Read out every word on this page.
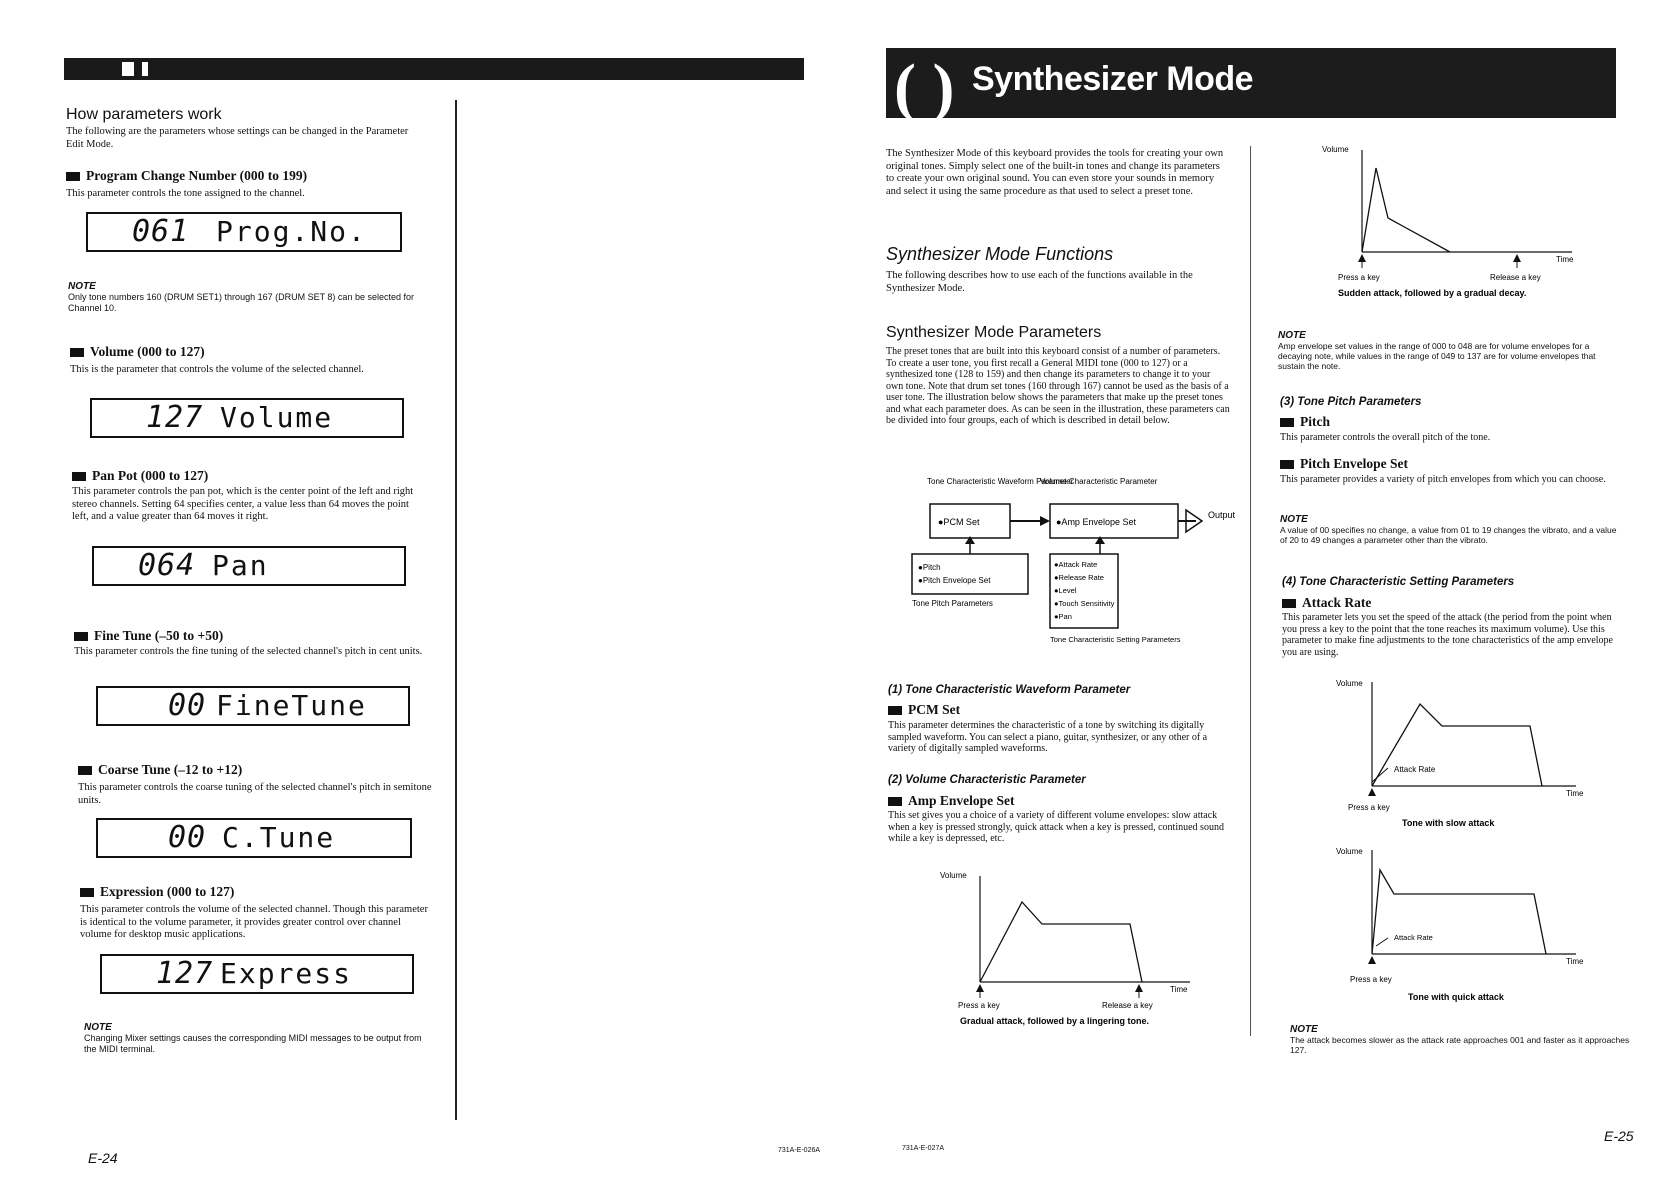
How parameters work
The following are the parameters whose settings can be changed in the Parameter Edit Mode.
Program Change Number (000 to 199)
This parameter controls the tone assigned to the channel.
061 Prog.No.
NOTE
Only tone numbers 160 (DRUM SET1) through 167 (DRUM SET 8) can be selected for Channel 10.
Volume (000 to 127)
This is the parameter that controls the volume of the selected channel.
127 Volume
Pan Pot (000 to 127)
This parameter controls the pan pot, which is the center point of the left and right stereo channels. Setting 64 specifies center, a value less than 64 moves the point left, and a value greater than 64 moves it right.
064 Pan
Fine Tune (–50 to +50)
This parameter controls the fine tuning of the selected channel's pitch in cent units.
00 FineTune
Coarse Tune (–12 to +12)
This parameter controls the coarse tuning of the selected channel's pitch in semitone units.
00 C.Tune
Expression (000 to 127)
This parameter controls the volume of the selected channel. Though this parameter is identical to the volume parameter, it provides greater control over channel volume for desktop music applications.
127 Express
NOTE
Changing Mixer settings causes the corresponding MIDI messages to be output from the MIDI terminal.
E-24	731A-E-026A
( ) Synthesizer Mode
The Synthesizer Mode of this keyboard provides the tools for creating your own original tones. Simply select one of the built-in tones and change its parameters to create your own original sound. You can even store your sounds in memory and select it using the same procedure as that used to select a preset tone.
Synthesizer Mode Functions
The following describes how to use each of the functions available in the Synthesizer Mode.
Synthesizer Mode Parameters
The preset tones that are built into this keyboard consist of a number of parameters. To create a user tone, you first recall a General MIDI tone (000 to 127) or a synthesized tone (128 to 159) and then change its parameters to change it to your own tone. Note that drum set tones (160 through 167) cannot be used as the basis of a user tone. The illustration below shows the parameters that make up the preset tones and what each parameter does. As can be seen in the illustration, these parameters can be divided into four groups, each of which is described in detail below.
Tone Characteristic Waveform Parameter
Volume Characteristic Parameter
●PCM Set	●Amp Envelope Set
Output
●Pitch
●Pitch Envelope Set
Tone Pitch Parameters
●Attack Rate
●Release Rate
●Level
●Touch Sensitivity
●Pan
Tone Characteristic Setting Parameters
(1) Tone Characteristic Waveform Parameter
PCM Set
This parameter determines the characteristic of a tone by switching its digitally sampled waveform. You can select a piano, guitar, synthesizer, or any other of a variety of digitally sampled waveforms.
(2) Volume Characteristic Parameter
Amp Envelope Set
This set gives you a choice of a variety of different volume envelopes: slow attack when a key is pressed strongly, quick attack when a key is pressed, continued sound while a key is depressed, etc.
Volume
Time
Press a key	Release a key
Gradual attack, followed by a lingering tone.
Volume
Time
Press a key	Release a key
Sudden attack, followed by a gradual decay.
NOTE
Amp envelope set values in the range of 000 to 048 are for volume envelopes for a decaying note, while values in the range of 049 to 137 are for volume envelopes that sustain the note.
(3) Tone Pitch Parameters
Pitch
This parameter controls the overall pitch of the tone.
Pitch Envelope Set
This parameter provides a variety of pitch envelopes from which you can choose.
NOTE
A value of 00 specifies no change, a value from 01 to 19 changes the vibrato, and a value of 20 to 49 changes a parameter other than the vibrato.
(4) Tone Characteristic Setting Parameters
Attack Rate
This parameter lets you set the speed of the attack (the period from the point when you press a key to the point that the tone reaches its maximum volume). Use this parameter to make fine adjustments to the tone characteristics of the amp envelope you are using.
Volume
Attack Rate
Time
Press a key
Tone with slow attack
Volume
Attack Rate
Time
Press a key
Tone with quick attack
NOTE
The attack becomes slower as the attack rate approaches 001 and faster as it approaches 127.
E-25
731A-E-027A
